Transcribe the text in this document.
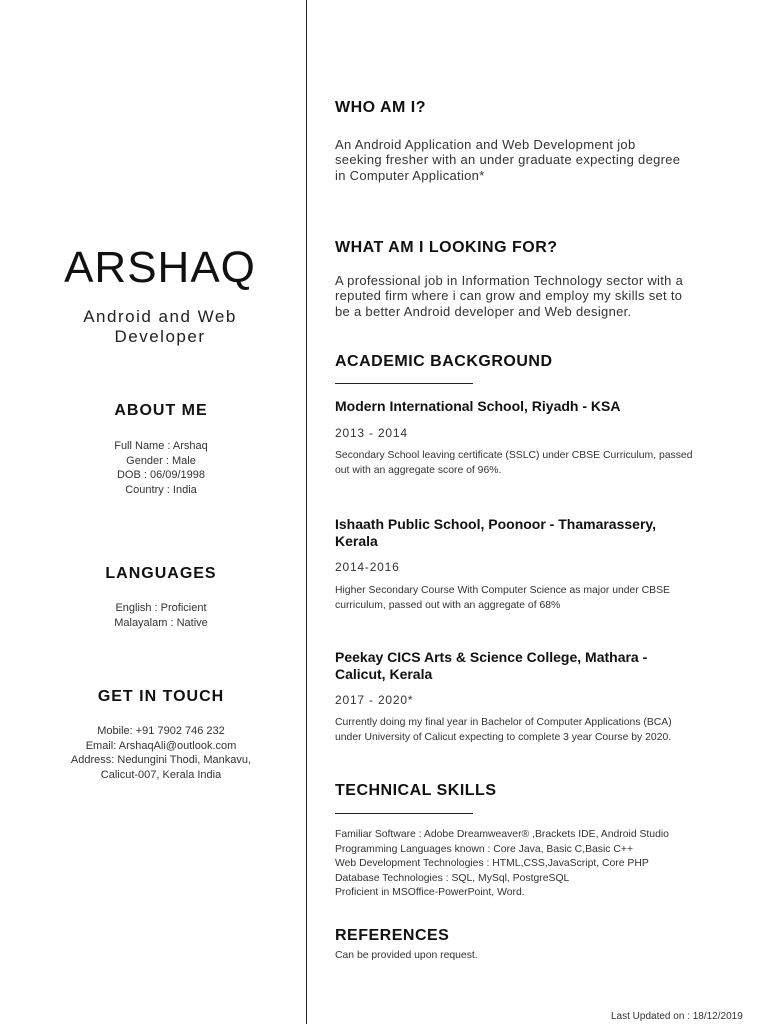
ARSHAQ
Android and Web
Developer
ABOUT ME
Full Name : Arshaq
Gender : Male
DOB : 06/09/1998
Country : India
LANGUAGES
English : Proficient
Malayalam : Native
GET IN TOUCH
Mobile: +91 7902 746 232
Email: ArshaqAli@outlook.com
Address: Nedungini Thodi, Mankavu,
Calicut-007, Kerala India
WHO AM I?
An Android Application and Web Development job
seeking fresher with an under graduate expecting degree
in Computer Application*
WHAT AM I LOOKING FOR?
A professional job in Information Technology sector with a
reputed firm where i can grow and employ my skills set to
be a better Android developer and Web designer.
ACADEMIC BACKGROUND
Modern International School, Riyadh - KSA
2013 - 2014
Secondary School leaving certificate (SSLC) under CBSE Curriculum, passed
out with an aggregate score of 96%.
Ishaath Public School, Poonoor - Thamarassery,
Kerala
2014-2016
Higher Secondary Course With Computer Science as major under CBSE
curriculum, passed out with an aggregate of 68%
Peekay CICS Arts & Science College, Mathara -
Calicut, Kerala
2017 - 2020*
Currently doing my final year in Bachelor of Computer Applications (BCA)
under University of Calicut expecting to complete 3 year Course by 2020.
TECHNICAL SKILLS
Familiar Software : Adobe Dreamweaver® ,Brackets IDE, Android Studio
Programming Languages known : Core Java, Basic C,Basic C++
Web Development Technologies : HTML,CSS,JavaScript, Core PHP
Database Technologies : SQL, MySql, PostgreSQL
Proficient in MSOffice-PowerPoint, Word.
REFERENCES
Can be provided upon request.
Last Updated on : 18/12/2019
